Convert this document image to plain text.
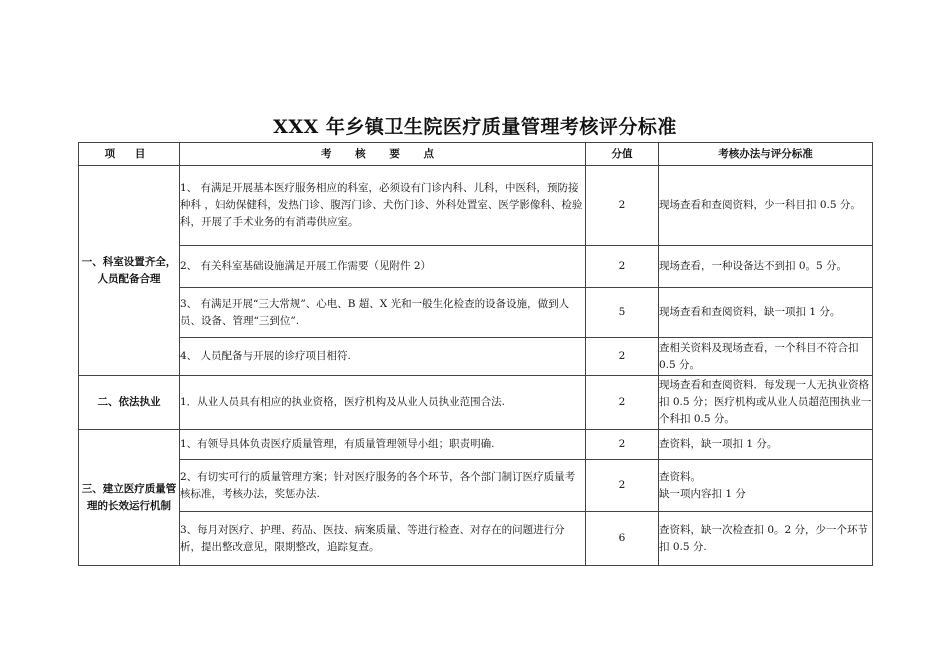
XXX 年乡镇卫生院医疗质量管理考核评分标准
项 目	考 核 要 点	分值	考核办法与评分标准
一、科室设置齐全，人员配备合理	1、 有满足开展基本医疗服务相应的科室，必须设有门诊内科、儿科，中医科，预防接种科 ，妇幼保健科，发热门诊、腹泻门诊、犬伤门诊、外科处置室、医学影像科、检验科，开展了手术业务的有消毒供应室。	2	现场查看和查阅资料，少一科目扣 0.5 分。
	2、 有关科室基础设施满足开展工作需要（见附件 2）	2	现场查看，一种设备达不到扣 0。5 分。
	3、 有满足开展“三大常规”、心电、B 超、X 光和一般生化检查的设备设施，做到人员、设备、管理“三到位”.	5	现场查看和查阅资料，缺一项扣 1 分。
	4、 人员配备与开展的诊疗项目相符.	2	查相关资料及现场查看，一个科目不符合扣 0.5 分。
二、依法执业	1．从业人员具有相应的执业资格，医疗机构及从业人员执业范围合法.	2	现场查看和查阅资料．每发现一人无执业资格扣 0.5 分；医疗机构或从业人员超范围执业一个科扣 0.5 分。
三、建立医疗质量管理的长效运行机制	1、有领导具体负责医疗质量管理，有质量管理领导小组；职责明确.	2	查资料，缺一项扣 1 分。
	2、有切实可行的质量管理方案；针对医疗服务的各个环节，各个部门制订医疗质量考核标准，考核办法，奖惩办法.	2	查资料。
缺一项内容扣 1 分

	3、每月对医疗、护理、药品、医技、病案质量、等进行检查、对存在的问题进行分析，提出整改意见，限期整改，追踪复查。	6	查资料，缺一次检查扣 0。2 分，少一个环节扣 0.5 分.
